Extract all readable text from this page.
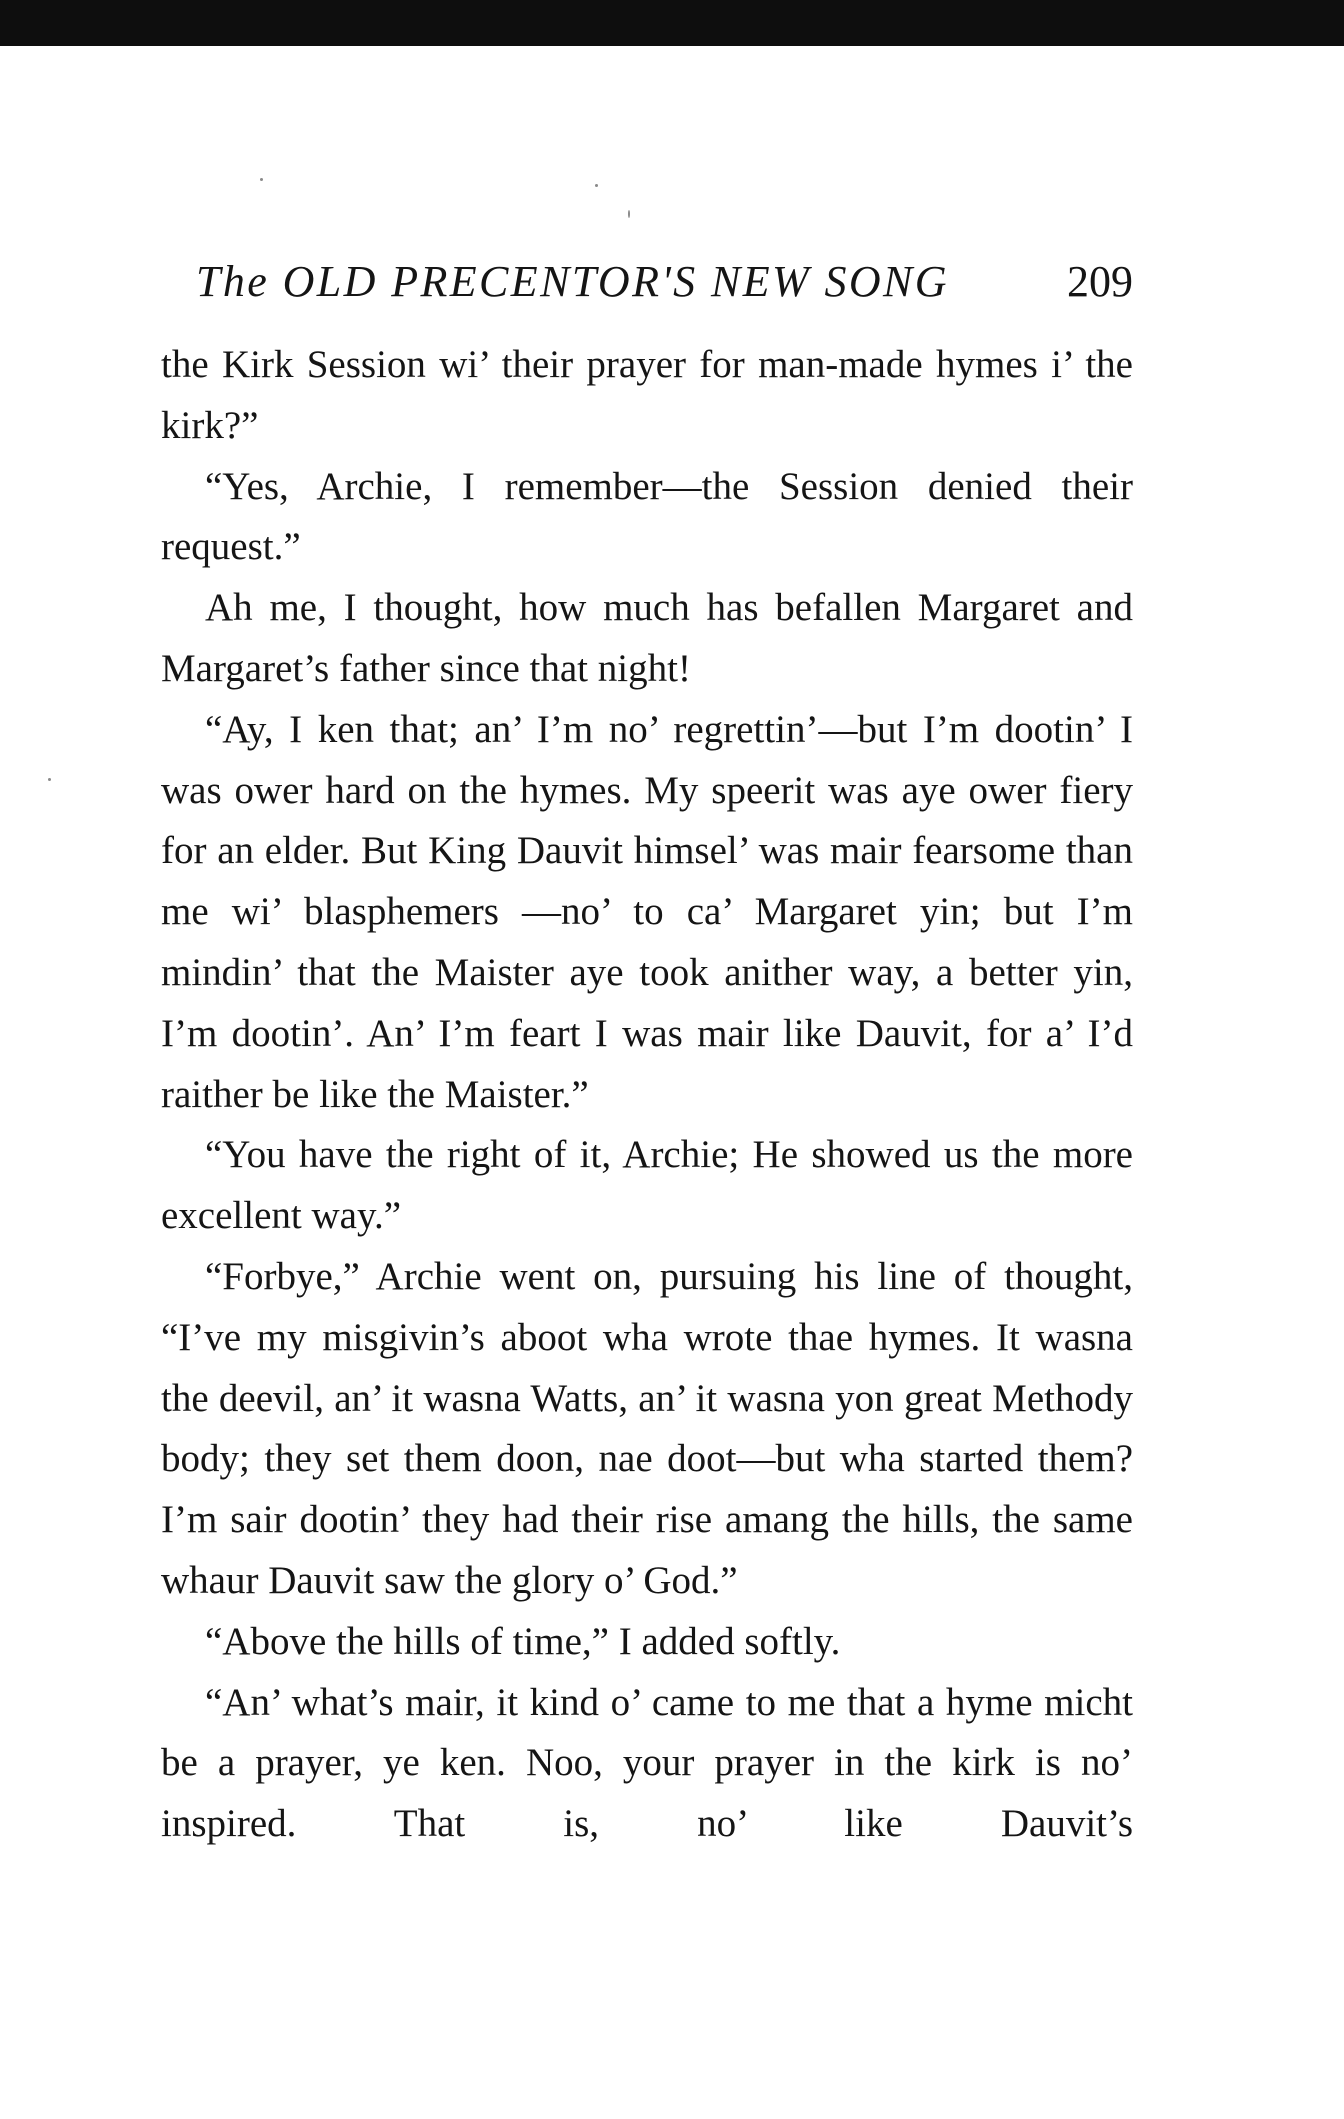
The OLD PRECENTOR'S NEW SONG	209

the Kirk Session wi’ their prayer for man-made hymes i’ the kirk?”

“Yes, Archie, I remember—the Session denied their request.”

Ah me, I thought, how much has befallen Margaret and Margaret’s father since that night!

“Ay, I ken that; an’ I’m no’ regrettin’—but I’m dootin’ I was ower hard on the hymes. My speerit was aye ower fiery for an elder. But King Dauvit himsel’ was mair fearsome than me wi’ blasphemers —no’ to ca’ Margaret yin; but I’m mindin’ that the Maister aye took anither way, a better yin, I’m dootin’. An’ I’m feart I was mair like Dauvit, for a’ I’d raither be like the Maister.”

“You have the right of it, Archie; He showed us the more excellent way.”

“Forbye,” Archie went on, pursuing his line of thought, “I’ve my misgivin’s aboot wha wrote thae hymes. It wasna the deevil, an’ it wasna Watts, an’ it wasna yon great Methody body; they set them doon, nae doot—but wha started them? I’m sair dootin’ they had their rise amang the hills, the same whaur Dauvit saw the glory o’ God.”

“Above the hills of time,” I added softly.

“An’ what’s mair, it kind o’ came to me that a hyme micht be a prayer, ye ken. Noo, your prayer in the kirk is no’ inspired. That is, no’ like Dauvit’s
